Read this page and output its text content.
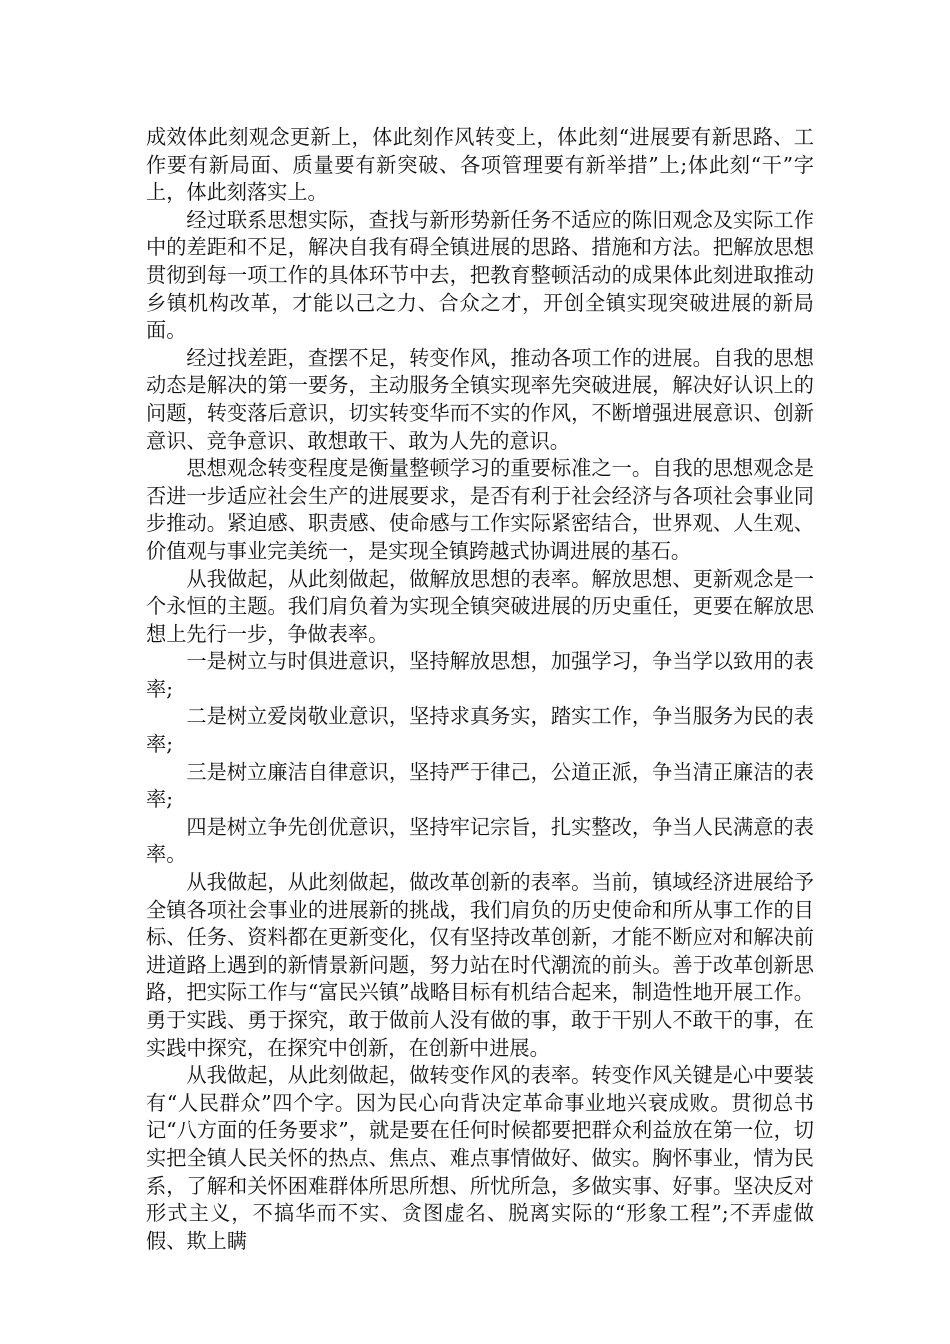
成效体此刻观念更新上，体此刻作风转变上，体此刻“进展要有新思路、工作要有新局面、质量要有新突破、各项管理要有新举措”上;体此刻“干”字上，体此刻落实上。

经过联系思想实际，查找与新形势新任务不适应的陈旧观念及实际工作中的差距和不足，解决自我有碍全镇进展的思路、措施和方法。把解放思想贯彻到每一项工作的具体环节中去，把教育整顿活动的成果体此刻进取推动乡镇机构改革，才能以己之力、合众之才，开创全镇实现突破进展的新局面。

经过找差距，查摆不足，转变作风，推动各项工作的进展。自我的思想动态是解决的第一要务，主动服务全镇实现率先突破进展，解决好认识上的问题，转变落后意识，切实转变华而不实的作风，不断增强进展意识、创新意识、竞争意识、敢想敢干、敢为人先的意识。

思想观念转变程度是衡量整顿学习的重要标准之一。自我的思想观念是否进一步适应社会生产的进展要求，是否有利于社会经济与各项社会事业同步推动。紧迫感、职责感、使命感与工作实际紧密结合，世界观、人生观、价值观与事业完美统一，是实现全镇跨越式协调进展的基石。

从我做起，从此刻做起，做解放思想的表率。解放思想、更新观念是一个永恒的主题。我们肩负着为实现全镇突破进展的历史重任，更要在解放思想上先行一步，争做表率。

一是树立与时俱进意识，坚持解放思想，加强学习，争当学以致用的表率;

二是树立爱岗敬业意识，坚持求真务实，踏实工作，争当服务为民的表率;

三是树立廉洁自律意识，坚持严于律己，公道正派，争当清正廉洁的表率;

四是树立争先创优意识，坚持牢记宗旨，扎实整改，争当人民满意的表率。

从我做起，从此刻做起，做改革创新的表率。当前，镇域经济进展给予全镇各项社会事业的进展新的挑战，我们肩负的历史使命和所从事工作的目标、任务、资料都在更新变化，仅有坚持改革创新，才能不断应对和解决前进道路上遇到的新情景新问题，努力站在时代潮流的前头。善于改革创新思路，把实际工作与“富民兴镇”战略目标有机结合起来，制造性地开展工作。勇于实践、勇于探究，敢于做前人没有做的事，敢于干别人不敢干的事，在实践中探究，在探究中创新，在创新中进展。

从我做起，从此刻做起，做转变作风的表率。转变作风关键是心中要装有“人民群众”四个字。因为民心向背决定革命事业地兴衰成败。贯彻总书记“八方面的任务要求”，就是要在任何时候都要把群众利益放在第一位，切实把全镇人民关怀的热点、焦点、难点事情做好、做实。胸怀事业，情为民系，了解和关怀困难群体所思所想、所忧所急，多做实事、好事。坚决反对形式主义，不搞华而不实、贪图虚名、脱离实际的“形象工程”;不弄虚做假、欺上瞒
